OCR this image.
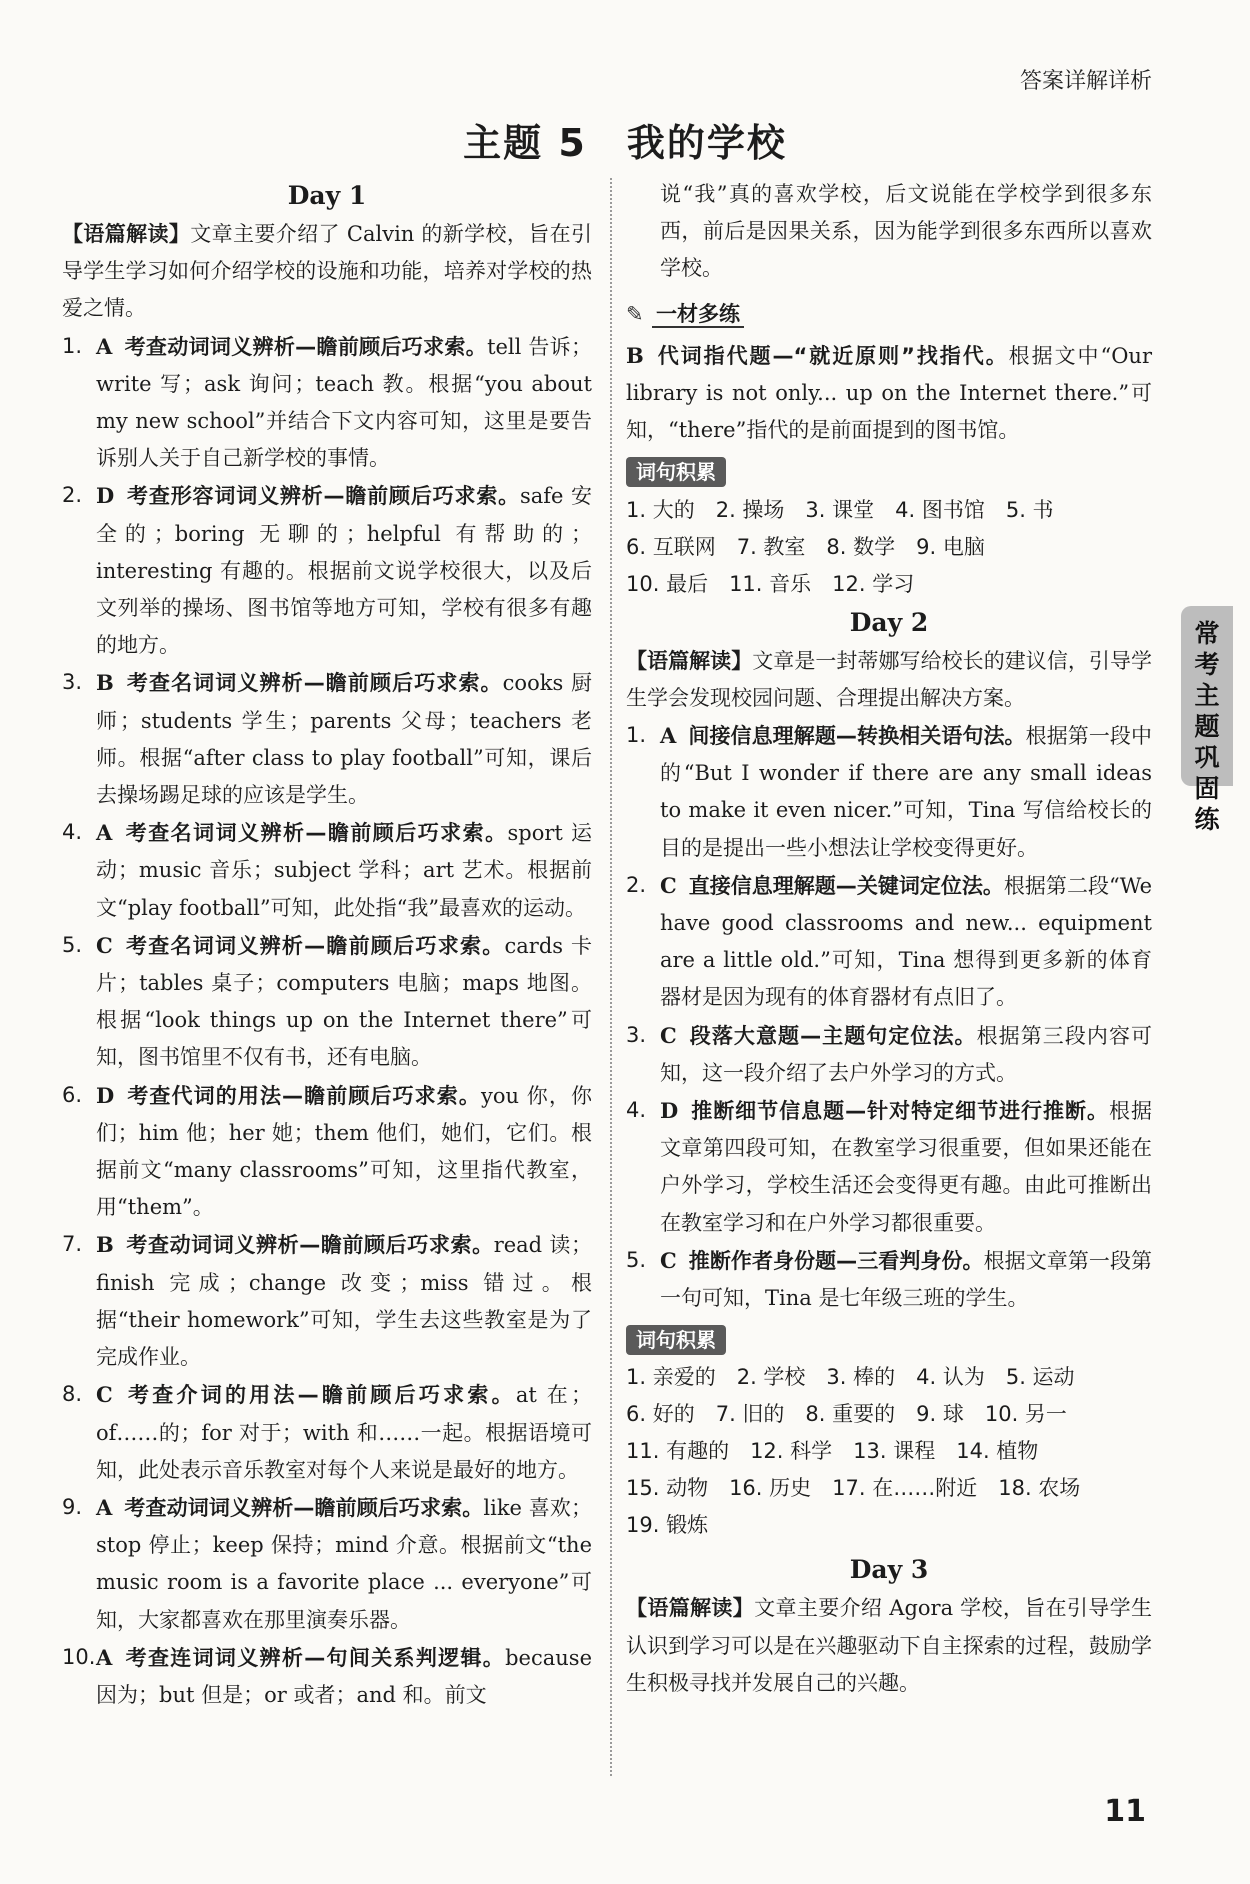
答案详解详析
主题 5　我的学校
Day 1
【语篇解读】文章主要介绍了 Calvin 的新学校，旨在引导学生学习如何介绍学校的设施和功能，培养对学校的热爱之情。
1. A 考查动词词义辨析—瞻前顾后巧求索。tell 告诉；write 写；ask 询问；teach 教。根据“you about my new school”并结合下文内容可知，这里是要告诉别人关于自己新学校的事情。
2. D 考查形容词词义辨析—瞻前顾后巧求索。safe 安全的；boring 无聊的；helpful 有帮助的；interesting 有趣的。根据前文说学校很大，以及后文列举的操场、图书馆等地方可知，学校有很多有趣的地方。
3. B 考查名词词义辨析—瞻前顾后巧求索。cooks 厨师；students 学生；parents 父母；teachers 老师。根据“after class to play football”可知，课后去操场踢足球的应该是学生。
4. A 考查名词词义辨析—瞻前顾后巧求索。sport 运动；music 音乐；subject 学科；art 艺术。根据前文“play football”可知，此处指“我”最喜欢的运动。
5. C 考查名词词义辨析—瞻前顾后巧求索。cards 卡片；tables 桌子；computers 电脑；maps 地图。根据“look things up on the Internet there”可知，图书馆里不仅有书，还有电脑。
6. D 考查代词的用法—瞻前顾后巧求索。you 你，你们；him 他；her 她；them 他们，她们，它们。根据前文“many classrooms”可知，这里指代教室，用“them”。
7. B 考查动词词义辨析—瞻前顾后巧求索。read 读；finish 完成；change 改变；miss 错过。根据“their homework”可知，学生去这些教室是为了完成作业。
8. C 考查介词的用法—瞻前顾后巧求索。at 在；of……的；for 对于；with 和……一起。根据语境可知，此处表示音乐教室对每个人来说是最好的地方。
9. A 考查动词词义辨析—瞻前顾后巧求索。like 喜欢；stop 停止；keep 保持；mind 介意。根据前文“the music room is a favorite place ... everyone”可知，大家都喜欢在那里演奏乐器。
10. A 考查连词词义辨析—句间关系判逻辑。because 因为；but 但是；or 或者；and 和。前文
说“我”真的喜欢学校，后文说能在学校学到很多东西，前后是因果关系，因为能学到很多东西所以喜欢学校。
✎ 一材多练
B 代词指代题—“就近原则”找指代。根据文中“Our library is not only... up on the Internet there.”可知，“there”指代的是前面提到的图书馆。
词句积累
1. 大的　2. 操场　3. 课堂　4. 图书馆　5. 书
6. 互联网　7. 教室　8. 数学　9. 电脑
10. 最后　11. 音乐　12. 学习
Day 2
【语篇解读】文章是一封蒂娜写给校长的建议信，引导学生学会发现校园问题、合理提出解决方案。
1. A 间接信息理解题—转换相关语句法。根据第一段中的“But I wonder if there are any small ideas to make it even nicer.”可知，Tina 写信给校长的目的是提出一些小想法让学校变得更好。
2. C 直接信息理解题—关键词定位法。根据第二段“We have good classrooms and new... equipment are a little old.”可知，Tina 想得到更多新的体育器材是因为现有的体育器材有点旧了。
3. C 段落大意题—主题句定位法。根据第三段内容可知，这一段介绍了去户外学习的方式。
4. D 推断细节信息题—针对特定细节进行推断。根据文章第四段可知，在教室学习很重要，但如果还能在户外学习，学校生活还会变得更有趣。由此可推断出在教室学习和在户外学习都很重要。
5. C 推断作者身份题—三看判身份。根据文章第一段第一句可知，Tina 是七年级三班的学生。
词句积累
1. 亲爱的　2. 学校　3. 棒的　4. 认为　5. 运动
6. 好的　7. 旧的　8. 重要的　9. 球　10. 另一
11. 有趣的　12. 科学　13. 课程　14. 植物
15. 动物　16. 历史　17. 在……附近　18. 农场
19. 锻炼
Day 3
【语篇解读】文章主要介绍 Agora 学校，旨在引导学生认识到学习可以是在兴趣驱动下自主探索的过程，鼓励学生积极寻找并发展自己的兴趣。
常
考
主
题
巩
固
练
11
